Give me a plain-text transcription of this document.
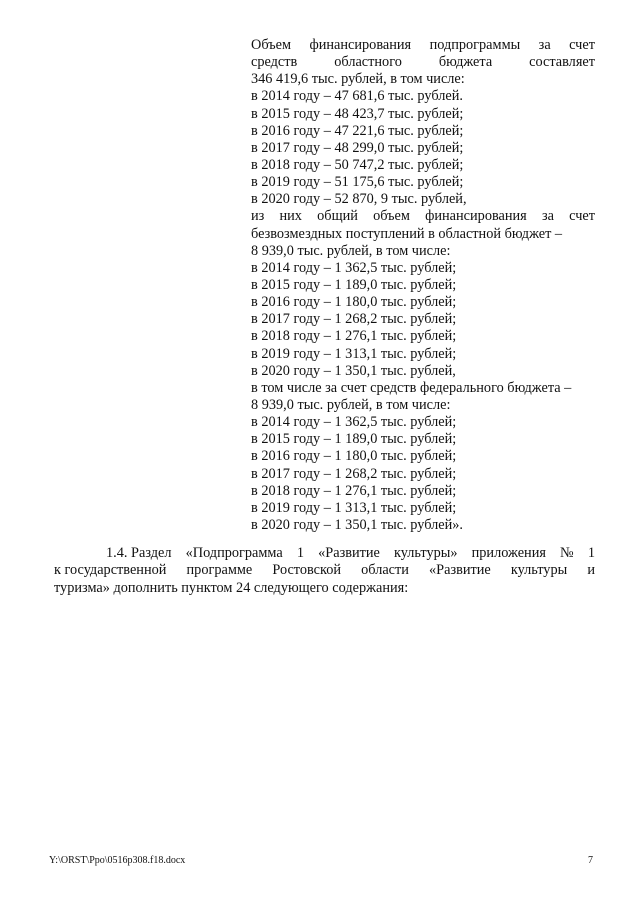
Объем финансирования подпрограммы за счет
средств	областного	бюджета	составляет
346 419,6 тыс. рублей, в том числе:
в 2014 году – 47 681,6 тыс. рублей.
в 2015 году – 48 423,7 тыс. рублей;
в 2016 году – 47 221,6 тыс. рублей;
в 2017 году – 48 299,0 тыс. рублей;
в 2018 году – 50 747,2 тыс. рублей;
в 2019 году – 51 175,6 тыс. рублей;
в 2020 году – 52 870, 9 тыс. рублей,
из них общий объем финансирования за счет
безвозмездных поступлений в областной бюджет –
8 939,0 тыс. рублей, в том числе:
в 2014 году – 1 362,5 тыс. рублей;
в 2015 году – 1 189,0 тыс. рублей;
в 2016 году – 1 180,0 тыс. рублей;
в 2017 году – 1 268,2 тыс. рублей;
в 2018 году – 1 276,1 тыс. рублей;
в 2019 году – 1 313,1 тыс. рублей;
в 2020 году – 1 350,1 тыс. рублей,
в том числе за счет средств федерального бюджета –
8 939,0 тыс. рублей, в том числе:
в 2014 году – 1 362,5 тыс. рублей;
в 2015 году – 1 189,0 тыс. рублей;
в 2016 году – 1 180,0 тыс. рублей;
в 2017 году – 1 268,2 тыс. рублей;
в 2018 году – 1 276,1 тыс. рублей;
в 2019 году – 1 313,1 тыс. рублей;
в 2020 году – 1 350,1 тыс. рублей».
1.4. Раздел «Подпрограмма 1 «Развитие культуры» приложения № 1
к государственной программе Ростовской области «Развитие культуры и
туризма» дополнить пунктом 24 следующего содержания:
Y:\ORST\Ppo\0516p308.f18.docx	7
